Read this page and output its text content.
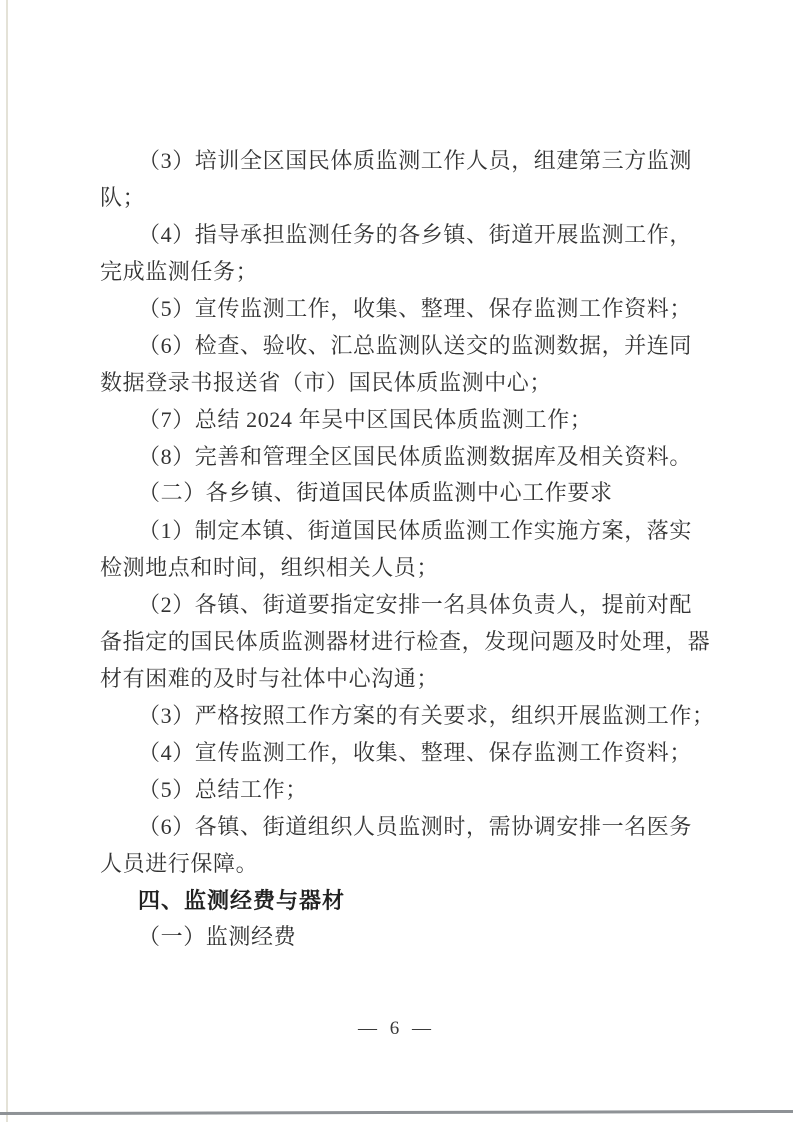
（3）培训全区国民体质监测工作人员，组建第三方监测
队；
（4）指导承担监测任务的各乡镇、街道开展监测工作，
完成监测任务；
（5）宣传监测工作，收集、整理、保存监测工作资料；
（6）检查、验收、汇总监测队送交的监测数据，并连同
数据登录书报送省（市）国民体质监测中心；
（7）总结 2024 年吴中区国民体质监测工作；
（8）完善和管理全区国民体质监测数据库及相关资料。
（二）各乡镇、街道国民体质监测中心工作要求
（1）制定本镇、街道国民体质监测工作实施方案，落实
检测地点和时间，组织相关人员；
（2）各镇、街道要指定安排一名具体负责人，提前对配
备指定的国民体质监测器材进行检查，发现问题及时处理，器
材有困难的及时与社体中心沟通；
（3）严格按照工作方案的有关要求，组织开展监测工作；
（4）宣传监测工作，收集、整理、保存监测工作资料；
（5）总结工作；
（6）各镇、街道组织人员监测时，需协调安排一名医务
人员进行保障。
四、监测经费与器材
（一）监测经费
— 6 —
